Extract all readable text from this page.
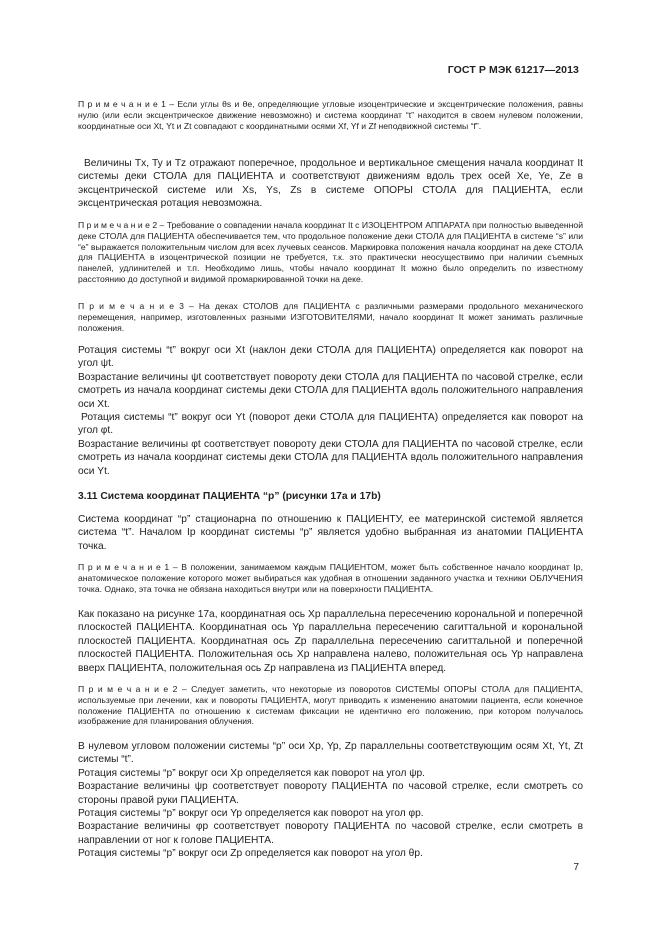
ГОСТ Р МЭК 61217—2013

П р и м е ч а н и е 1 – Если углы θs и θe, определяющие угловые изоцентрические и эксцентрические положения, равны нулю (или если эксцентрическое движение невозможно) и система координат “t” находится в своем нулевом положении, координатные оси Xt, Yt и Zt совпадают с координатными осями Xf, Yf и Zf неподвижной системы “f”.

Величины Tx, Ty и Tz отражают поперечное, продольное и вертикальное смещения начала координат It системы деки СТОЛА для ПАЦИЕНТА и соответствуют движениям вдоль трех осей Xe, Ye, Ze в эксцентрической системе или Xs, Ys, Zs в системе ОПОРЫ СТОЛА для ПАЦИЕНТА, если эксцентрическая ротация невозможна.

П р и м е ч а н и е 2 – Требование о совпадении начала координат It с ИЗОЦЕНТРОМ АППАРАТА при полностью выведенной деке СТОЛА для ПАЦИЕНТА обеспечивается тем, что продольное положение деки СТОЛА для ПАЦИЕНТА в системе “s” или “e” выражается положительным числом для всех лучевых сеансов. Маркировка положения начала координат на деке СТОЛА для ПАЦИЕНТА в изоцентрической позиции не требуется, т.к. это практически неосуществимо при наличии съемных панелей, удлинителей и т.п. Необходимо лишь, чтобы начало координат It можно было определить по известному расстоянию до доступной и видимой промаркированной точки на деке.

П р и м е ч а н и е 3 – На деках СТОЛОВ для ПАЦИЕНТА с различными размерами продольного механического перемещения, например, изготовленных разными ИЗГОТОВИТЕЛЯМИ, начало координат It может занимать различные положения.

Ротация системы “t” вокруг оси Xt (наклон деки СТОЛА для ПАЦИЕНТА) определяется как поворот на угол ψt.

Возрастание величины ψt соответствует повороту деки СТОЛА для ПАЦИЕНТА по часовой стрелке, если смотреть из начала координат системы деки СТОЛА для ПАЦИЕНТА вдоль положительного направления оси Xt.

Ротация системы “t” вокруг оси Yt (поворот деки СТОЛА для ПАЦИЕНТА) определяется как поворот на угол φt.

Возрастание величины φt соответствует повороту деки СТОЛА для ПАЦИЕНТА по часовой стрелке, если смотреть из начала координат системы деки СТОЛА для ПАЦИЕНТА вдоль положительного направления оси Yt.

3.11 Система координат ПАЦИЕНТА “p” (рисунки 17a и 17b)

Система координат “p” стационарна по отношению к ПАЦИЕНТУ, ее материнской системой является система “t”. Началом Ip координат системы “p” является удобно выбранная из анатомии ПАЦИЕНТА точка.

П р и м е ч а н и е 1 – В положении, занимаемом каждым ПАЦИЕНТОМ, может быть собственное начало координат Ip, анатомическое положение которого может выбираться как удобная в отношении заданного участка и техники ОБЛУЧЕНИЯ точка. Однако, эта точка не обязана находиться внутри или на поверхности ПАЦИЕНТА.

Как показано на рисунке 17а, координатная ось Xp параллельна пересечению корональной и поперечной плоскостей ПАЦИЕНТА. Координатная ось Yp параллельна пересечению сагиттальной и корональной плоскостей ПАЦИЕНТА. Координатная ось Zp параллельна пересечению сагиттальной и поперечной плоскостей ПАЦИЕНТА. Положительная ось Xp направлена налево, положительная ось Yp направлена вверх ПАЦИЕНТА, положительная ось Zp направлена из ПАЦИЕНТА вперед.

П р и м е ч а н и е 2 – Следует заметить, что некоторые из поворотов СИСТЕМЫ ОПОРЫ СТОЛА для ПАЦИЕНТА, используемые при лечении, как и повороты ПАЦИЕНТА, могут приводить к изменению анатомии пациента, если конечное положение ПАЦИЕНТА по отношению к системам фиксации не идентично его положению, при котором получалось изображение для планирования облучения.

В нулевом угловом положении системы “p” оси Xp, Yp, Zp параллельны соответствующим осям Xt, Yt, Zt системы “t”.

Ротация системы “p” вокруг оси Xp определяется как поворот на угол ψp.

Возрастание величины ψp соответствует повороту ПАЦИЕНТА по часовой стрелке, если смотреть со стороны правой руки ПАЦИЕНТА.

Ротация системы “p” вокруг оси Yp определяется как поворот на угол φp.

Возрастание величины φp соответствует повороту ПАЦИЕНТА по часовой стрелке, если смотреть в направлении от ног к голове ПАЦИЕНТА.

Ротация системы “p” вокруг оси Zp определяется как поворот на угол θp.

7
